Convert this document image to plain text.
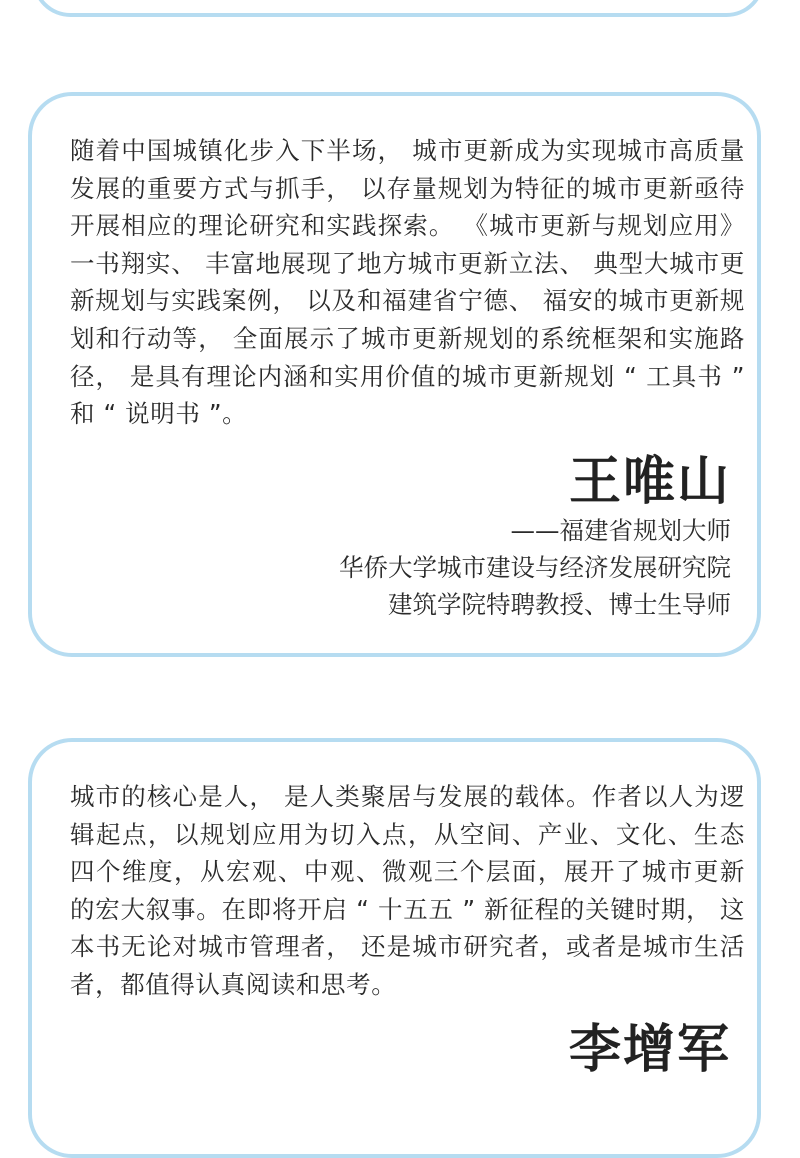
随着中国城镇化步入下半场， 城市更新成为实现城市高质量发展的重要方式与抓手， 以存量规划为特征的城市更新亟待开展相应的理论研究和实践探索。 《城市更新与规划应用》一书翔实、 丰富地展现了地方城市更新立法、 典型大城市更新规划与实践案例， 以及和福建省宁德、 福安的城市更新规划和行动等， 全面展示了城市更新规划的系统框架和实施路径， 是具有理论内涵和实用价值的城市更新规划 “ 工具书 ” 和 “ 说明书 ”。

王唯山

——福建省规划大师
华侨大学城市建设与经济发展研究院
建筑学院特聘教授、博士生导师

城市的核心是人， 是人类聚居与发展的载体。作者以人为逻辑起点，以规划应用为切入点，从空间、产业、文化、生态四个维度，从宏观、中观、微观三个层面，展开了城市更新的宏大叙事。在即将开启 “ 十五五 ” 新征程的关键时期， 这本书无论对城市管理者， 还是城市研究者，或者是城市生活者，都值得认真阅读和思考。

李增军
